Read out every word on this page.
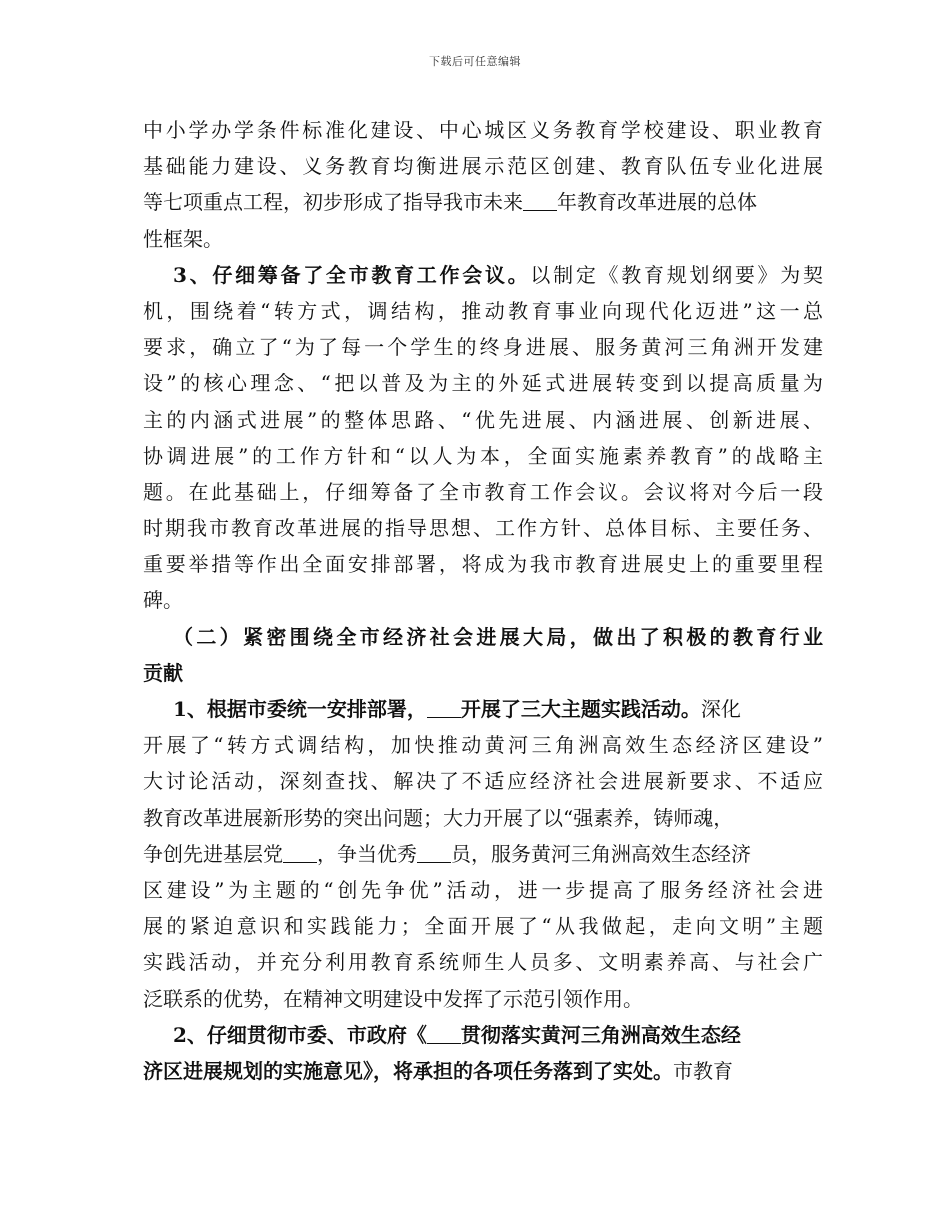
下载后可任意编辑
中小学办学条件标准化建设、中心城区义务教育学校建设、职业教育
基础能力建设、义务教育均衡进展示范区创建、教育队伍专业化进展
等七项重点工程，初步形成了指导我市未来 年教育改革进展的总体
性框架。
3、仔细筹备了全市教育工作会议。以制定《教育规划纲要》为契
机，围绕着“转方式，调结构，推动教育事业向现代化迈进”这一总
要求，确立了“为了每一个学生的终身进展、服务黄河三角洲开发建
设”的核心理念、“把以普及为主的外延式进展转变到以提高质量为
主的内涵式进展”的整体思路、“优先进展、内涵进展、创新进展、
协调进展”的工作方针和“以人为本，全面实施素养教育”的战略主
题。在此基础上，仔细筹备了全市教育工作会议。会议将对今后一段
时期我市教育改革进展的指导思想、工作方针、总体目标、主要任务、
重要举措等作出全面安排部署，将成为我市教育进展史上的重要里程
碑。
（二）紧密围绕全市经济社会进展大局，做出了积极的教育行业
贡献
1、根据市委统一安排部署， 开展了三大主题实践活动。深化
开展了“转方式调结构，加快推动黄河三角洲高效生态经济区建设”
大讨论活动，深刻查找、解决了不适应经济社会进展新要求、不适应
教育改革进展新形势的突出问题；大力开展了以“强素养，铸师魂，
争创先进基层党 ，争当优秀 员，服务黄河三角洲高效生态经济
区建设”为主题的“创先争优”活动，进一步提高了服务经济社会进
展的紧迫意识和实践能力；全面开展了“从我做起，走向文明”主题
实践活动，并充分利用教育系统师生人员多、文明素养高、与社会广
泛联系的优势，在精神文明建设中发挥了示范引领作用。
2、仔细贯彻市委、市政府《 贯彻落实黄河三角洲高效生态经
济区进展规划的实施意见》，将承担的各项任务落到了实处。市教育
